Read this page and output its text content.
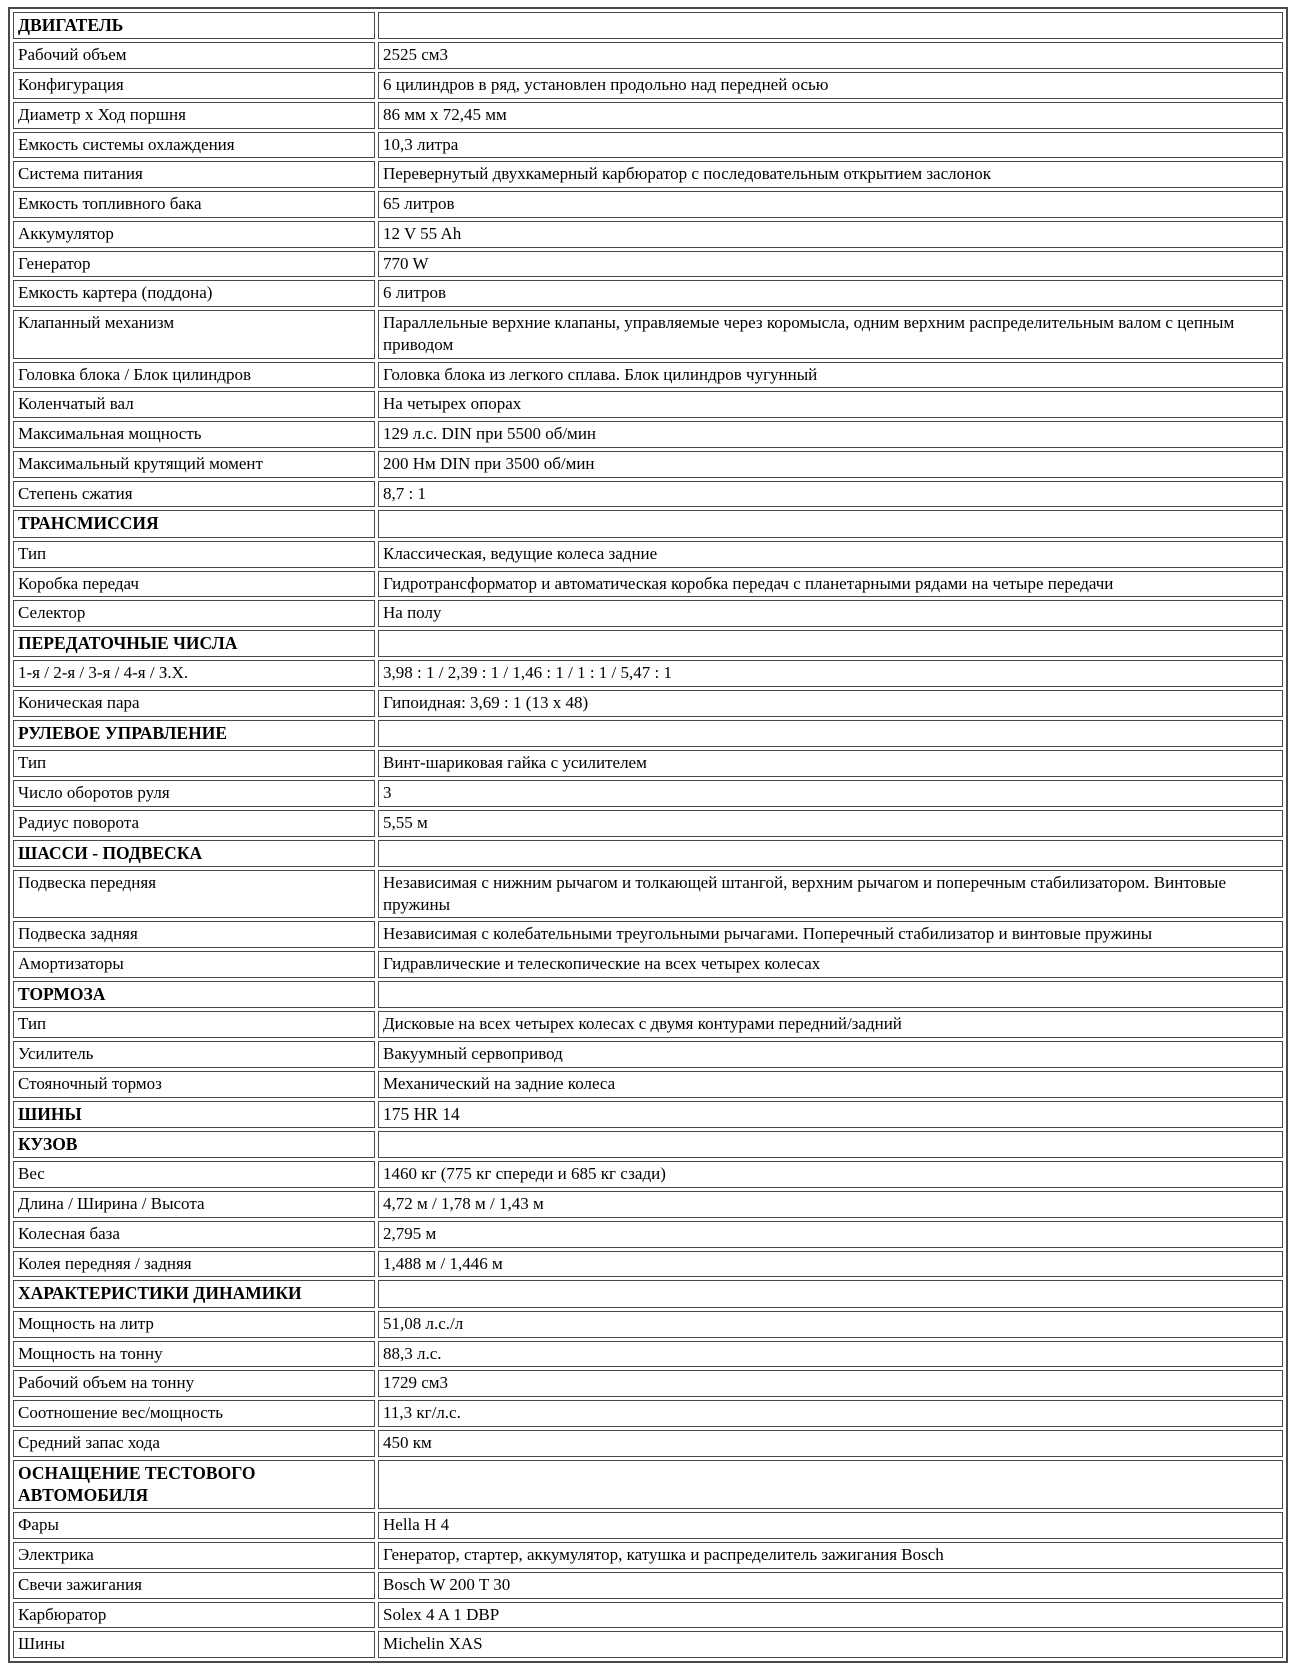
ДВИГАТЕЛЬ	
Рабочий объем	2525 см3
Конфигурация	6 цилиндров в ряд, установлен продольно над передней осью
Диаметр x Ход поршня	86 мм x 72,45 мм
Емкость системы охлаждения	10,3 литра
Система питания	Перевернутый двухкамерный карбюратор с последовательным открытием заслонок
Емкость топливного бака	65 литров
Аккумулятор	12 V 55 Ah
Генератор	770 W
Емкость картера (поддона)	6 литров
Клапанный механизм	Параллельные верхние клапаны, управляемые через коромысла, одним верхним распределительным валом с цепным приводом
Головка блока / Блок цилиндров	Головка блока из легкого сплава. Блок цилиндров чугунный
Коленчатый вал	На четырех опорах
Максимальная мощность	129 л.с. DIN при 5500 об/мин
Максимальный крутящий момент	200 Нм DIN при 3500 об/мин
Степень сжатия	8,7 : 1
ТРАНСМИССИЯ	
Тип	Классическая, ведущие колеса задние
Коробка передач	Гидротрансформатор и автоматическая коробка передач с планетарными рядами на четыре передачи
Селектор	На полу
ПЕРЕДАТОЧНЫЕ ЧИСЛА	
1-я / 2-я / 3-я / 4-я / З.Х.	3,98 : 1 / 2,39 : 1 / 1,46 : 1 / 1 : 1 / 5,47 : 1
Коническая пара	Гипоидная: 3,69 : 1 (13 x 48)
РУЛЕВОЕ УПРАВЛЕНИЕ	
Тип	Винт-шариковая гайка с усилителем
Число оборотов руля	3
Радиус поворота	5,55 м
ШАССИ - ПОДВЕСКА	
Подвеска передняя	Независимая с нижним рычагом и толкающей штангой, верхним рычагом и поперечным стабилизатором. Винтовые пружины
Подвеска задняя	Независимая с колебательными треугольными рычагами. Поперечный стабилизатор и винтовые пружины
Амортизаторы	Гидравлические и телескопические на всех четырех колесах
ТОРМОЗА	
Тип	Дисковые на всех четырех колесах с двумя контурами передний/задний
Усилитель	Вакуумный сервопривод
Стояночный тормоз	Механический на задние колеса
ШИНЫ	175 HR 14
КУЗОВ	
Вес	1460 кг (775 кг спереди и 685 кг сзади)
Длина / Ширина / Высота	4,72 м / 1,78 м / 1,43 м
Колесная база	2,795 м
Колея передняя / задняя	1,488 м / 1,446 м
ХАРАКТЕРИСТИКИ ДИНАМИКИ	
Мощность на литр	51,08 л.с./л
Мощность на тонну	88,3 л.с.
Рабочий объем на тонну	1729 см3
Соотношение вес/мощность	11,3 кг/л.с.
Средний запас хода	450 км
ОСНАЩЕНИЕ ТЕСТОВОГО АВТОМОБИЛЯ	
Фары	Hella H 4
Электрика	Генератор, стартер, аккумулятор, катушка и распределитель зажигания Bosch
Свечи зажигания	Bosch W 200 T 30
Карбюратор	Solex 4 A 1 DBP
Шины	Michelin XAS
